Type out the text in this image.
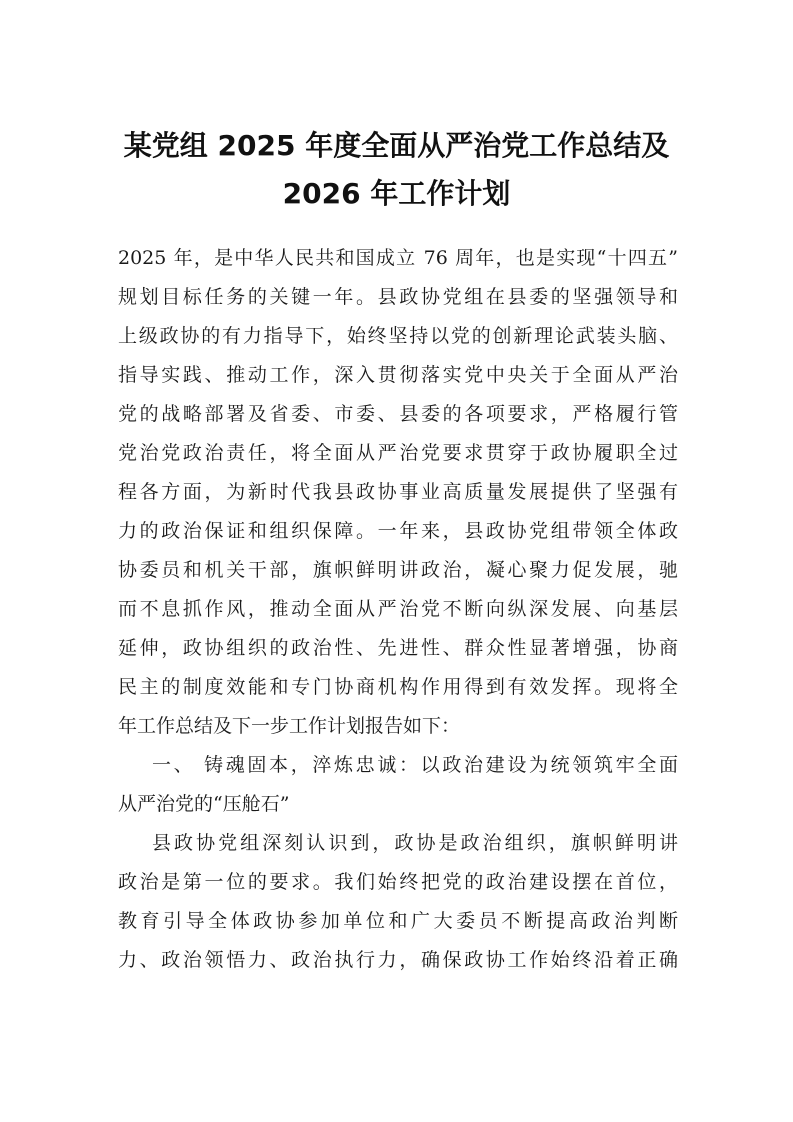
某党组 2025 年度全面从严治党工作总结及
2026 年工作计划
2025 年，是中华人民共和国成立 76 周年，也是实现“十四五”
规划目标任务的关键一年。县政协党组在县委的坚强领导和
上级政协的有力指导下，始终坚持以党的创新理论武装头脑、
指导实践、推动工作，深入贯彻落实党中央关于全面从严治
党的战略部署及省委、市委、县委的各项要求，严格履行管
党治党政治责任，将全面从严治党要求贯穿于政协履职全过
程各方面，为新时代我县政协事业高质量发展提供了坚强有
力的政治保证和组织保障。一年来，县政协党组带领全体政
协委员和机关干部，旗帜鲜明讲政治，凝心聚力促发展，驰
而不息抓作风，推动全面从严治党不断向纵深发展、向基层
延伸，政协组织的政治性、先进性、群众性显著增强，协商
民主的制度效能和专门协商机构作用得到有效发挥。现将全
年工作总结及下一步工作计划报告如下：
一、 铸魂固本，淬炼忠诚：以政治建设为统领筑牢全面
从严治党的“压舱石”
县政协党组深刻认识到，政协是政治组织，旗帜鲜明讲
政治是第一位的要求。我们始终把党的政治建设摆在首位，
教育引导全体政协参加单位和广大委员不断提高政治判断
力、政治领悟力、政治执行力，确保政协工作始终沿着正确
